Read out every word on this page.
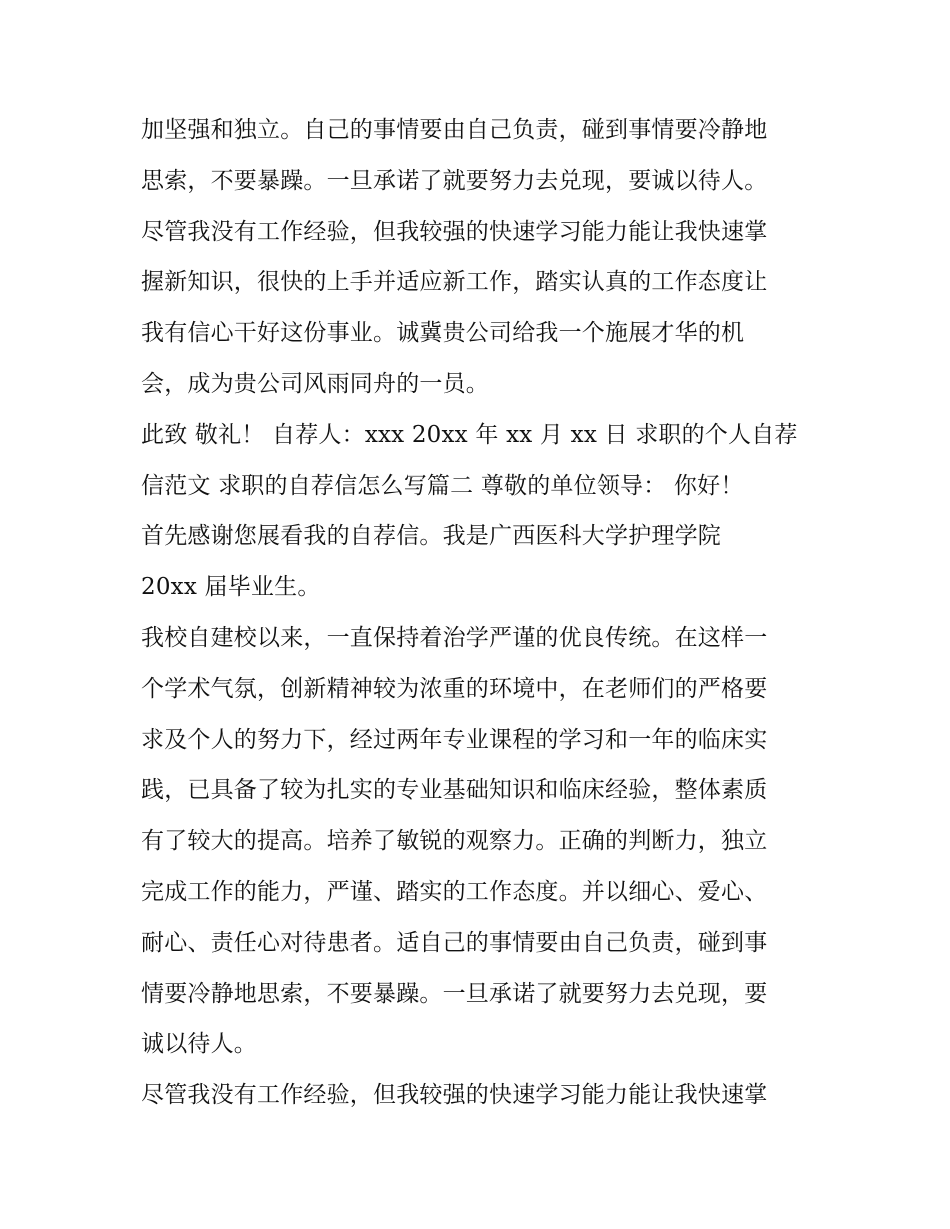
加坚强和独立。自己的事情要由自己负责，碰到事情要冷静地
思索，不要暴躁。一旦承诺了就要努力去兑现，要诚以待人。
尽管我没有工作经验，但我较强的快速学习能力能让我快速掌
握新知识，很快的上手并适应新工作，踏实认真的工作态度让
我有信心干好这份事业。诚冀贵公司给我一个施展才华的机
会，成为贵公司风雨同舟的一员。
此致 敬礼！ 自荐人：xxx 20xx 年 xx 月 xx 日 求职的个人自荐
信范文 求职的自荐信怎么写篇二 尊敬的单位领导： 你好！
首先感谢您展看我的自荐信。我是广西医科大学护理学院
20xx 届毕业生。
我校自建校以来，一直保持着治学严谨的优良传统。在这样一
个学术气氛，创新精神较为浓重的环境中，在老师们的严格要
求及个人的努力下，经过两年专业课程的学习和一年的临床实
践，已具备了较为扎实的专业基础知识和临床经验，整体素质
有了较大的提高。培养了敏锐的观察力。正确的判断力，独立
完成工作的能力，严谨、踏实的工作态度。并以细心、爱心、
耐心、责任心对待患者。适自己的事情要由自己负责，碰到事
情要冷静地思索，不要暴躁。一旦承诺了就要努力去兑现，要
诚以待人。
尽管我没有工作经验，但我较强的快速学习能力能让我快速掌
